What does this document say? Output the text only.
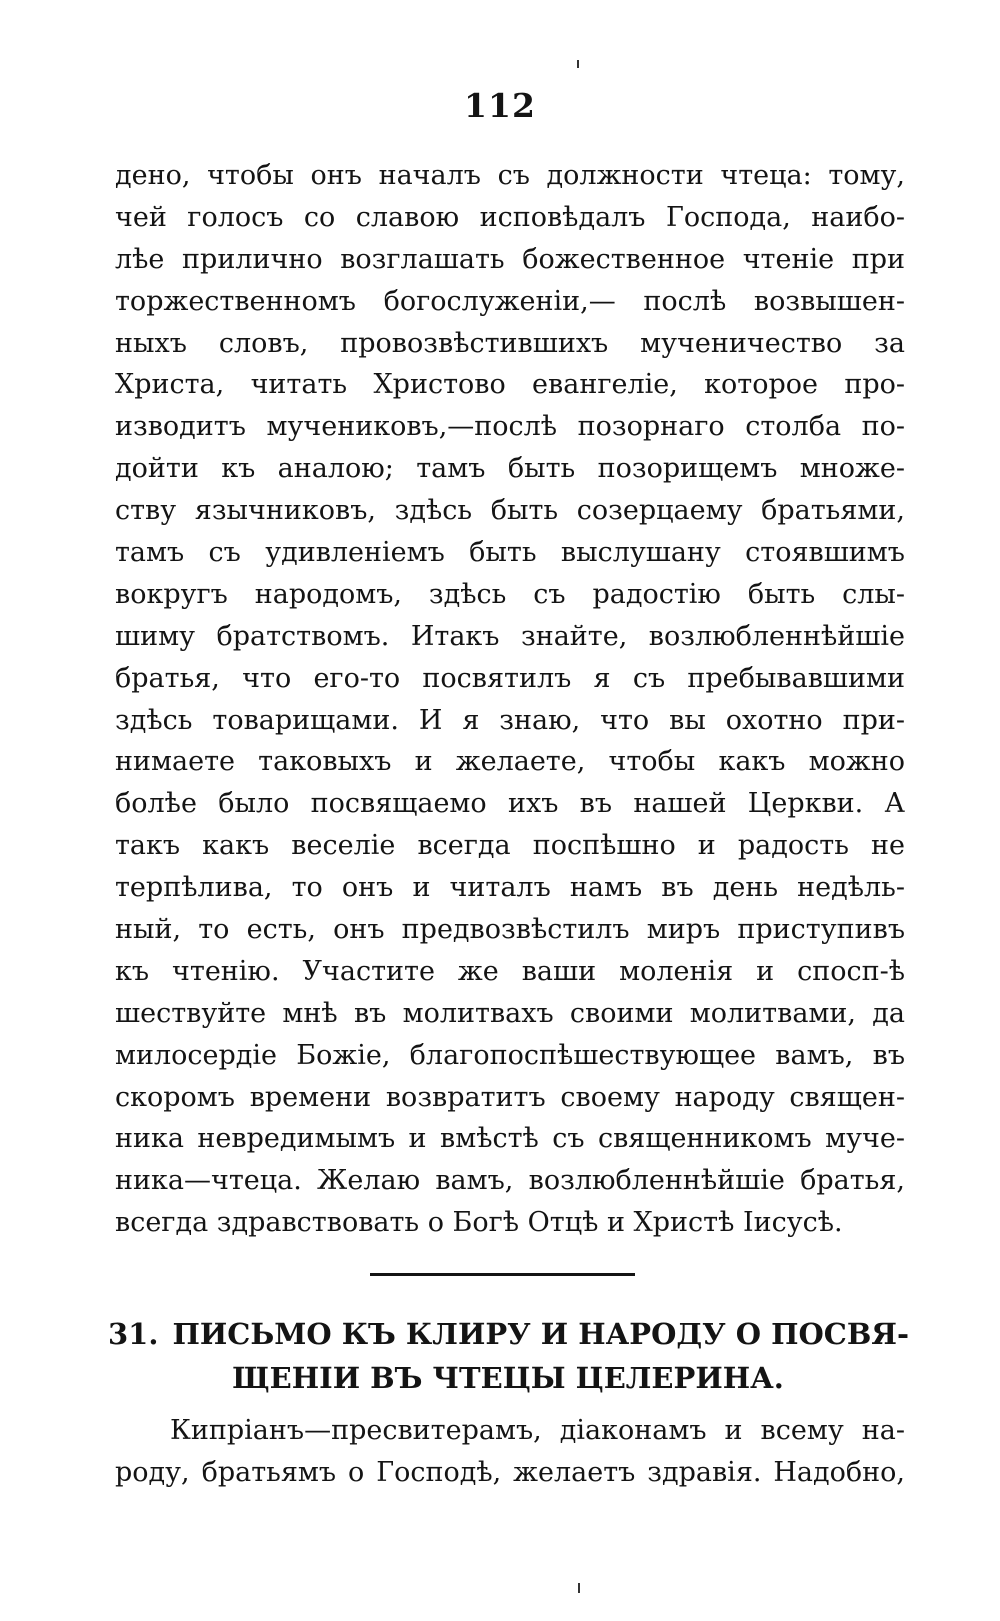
112
дено, чтобы онъ началъ съ должности чтеца: тому,
чей голосъ со славою исповѣдалъ Господа, наибо-
лѣе прилично возглашать божественное чтеніе при
торжественномъ богослуженіи,— послѣ возвышен-
ныхъ словъ, провозвѣстившихъ мученичество за
Христа, читать Христово евангеліе, которое про-
изводитъ мучениковъ,—послѣ позорнаго столба по-
дойти къ аналою; тамъ быть позорищемъ множе-
ству язычниковъ, здѣсь быть созерцаему братьями,
тамъ съ удивленіемъ быть выслушану стоявшимъ
вокругъ народомъ, здѣсь съ радостію быть слы-
шиму братствомъ. Итакъ знайте, возлюбленнѣйшіе
братья, что его-то посвятилъ я съ пребывавшими
здѣсь товарищами. И я знаю, что вы охотно при-
нимаете таковыхъ и желаете, чтобы какъ можно
болѣе было посвящаемо ихъ въ нашей Церкви. А
такъ какъ веселіе всегда поспѣшно и радость не
терпѣлива, то онъ и читалъ намъ въ день недѣль-
ный, то есть, онъ предвозвѣстилъ миръ приступивъ
къ чтенію. Участите же ваши моленія и спосп-ѣ
шествуйте мнѣ въ молитвахъ своими молитвами, да
милосердіе Божіе, благопоспѣшествующее вамъ, въ
скоромъ времени возвратитъ своему народу священ-
ника невредимымъ и вмѣстѣ съ священникомъ муче-
ника—чтеца. Желаю вамъ, возлюбленнѣйшіе братья,
всегда здравствовать о Богѣ Отцѣ и Христѣ Іисусѣ.
31. ПИСЬМО КЪ КЛИРУ И НАРОДУ О ПОСВЯ-
ЩЕНІИ ВЪ ЧТЕЦЫ ЦЕЛЕРИНА.
Кипріанъ—пресвитерамъ, діаконамъ и всему на-
роду, братьямъ о Господѣ, желаетъ здравія. Надобно,
